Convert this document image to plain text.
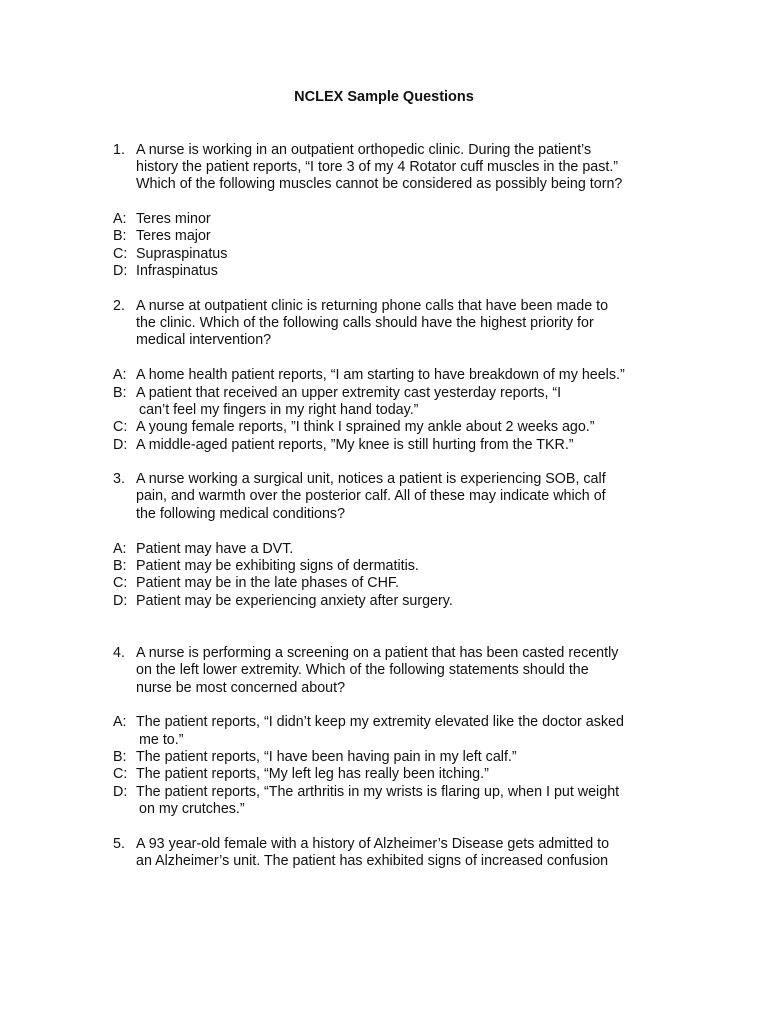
NCLEX Sample Questions
1. A nurse is working in an outpatient orthopedic clinic. During the patient’s
history the patient reports, “I tore 3 of my 4 Rotator cuff muscles in the past.”
Which of the following muscles cannot be considered as possibly being torn?
A: Teres minor
B: Teres major
C: Supraspinatus
D: Infraspinatus
2. A nurse at outpatient clinic is returning phone calls that have been made to
the clinic. Which of the following calls should have the highest priority for
medical intervention?
A: A home health patient reports, “I am starting to have breakdown of my heels.”
B: A patient that received an upper extremity cast yesterday reports, “I
can’t feel my fingers in my right hand today.”
C: A young female reports, ”I think I sprained my ankle about 2 weeks ago.”
D: A middle-aged patient reports, ”My knee is still hurting from the TKR.”
3. A nurse working a surgical unit, notices a patient is experiencing SOB, calf
pain, and warmth over the posterior calf. All of these may indicate which of
the following medical conditions?
A: Patient may have a DVT.
B: Patient may be exhibiting signs of dermatitis.
C: Patient may be in the late phases of CHF.
D: Patient may be experiencing anxiety after surgery.
4. A nurse is performing a screening on a patient that has been casted recently
on the left lower extremity. Which of the following statements should the
nurse be most concerned about?
A: The patient reports, “I didn’t keep my extremity elevated like the doctor asked
me to.”
B: The patient reports, “I have been having pain in my left calf.”
C: The patient reports, “My left leg has really been itching.”
D: The patient reports, “The arthritis in my wrists is flaring up, when I put weight
on my crutches.”
5. A 93 year-old female with a history of Alzheimer’s Disease gets admitted to
an Alzheimer’s unit. The patient has exhibited signs of increased confusion
